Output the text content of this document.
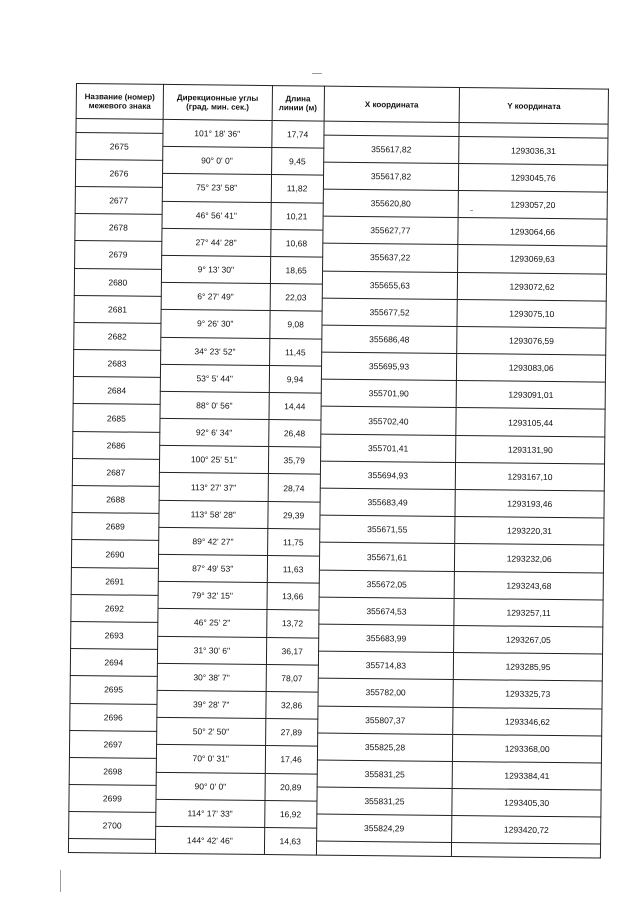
Название (номер) межевого знака	Дирекционные углы (град. мин. сек.)	Длина линии (м)	X координата	Y координата
	101° 18' 36"	17,74		
2675			355617,82	1293036,31
	90° 0' 0"	9,45		
2676			355617,82	1293045,76
	75° 23' 58"	11,82		
2677			355620,80	1293057,20
	46° 56' 41"	10,21		
2678			355627,77	1293064,66
	27° 44' 28"	10,68		
2679			355637,22	1293069,63
	9° 13' 30"	18,65		
2680			355655,63	1293072,62
	6° 27' 49"	22,03		
2681			355677,52	1293075,10
	9° 26' 30"	9,08		
2682			355686,48	1293076,59
	34° 23' 52"	11,45		
2683			355695,93	1293083,06
	53° 5' 44"	9,94		
2684			355701,90	1293091,01
	88° 0' 56"	14,44		
2685			355702,40	1293105,44
	92° 6' 34"	26,48		
2686			355701,41	1293131,90
	100° 25' 51"	35,79		
2687			355694,93	1293167,10
	113° 27' 37"	28,74		
2688			355683,49	1293193,46
	113° 58' 28"	29,39		
2689			355671,55	1293220,31
	89° 42' 27"	11,75		
2690			355671,61	1293232,06
	87° 49' 53"	11,63		
2691			355672,05	1293243,68
	79° 32' 15"	13,66		
2692			355674,53	1293257,11
	46° 25' 2"	13,72		
2693			355683,99	1293267,05
	31° 30' 6"	36,17		
2694			355714,83	1293285,95
	30° 38' 7"	78,07		
2695			355782,00	1293325,73
	39° 28' 7"	32,86		
2696			355807,37	1293346,62
	50° 2' 50"	27,89		
2697			355825,28	1293368,00
	70° 0' 31"	17,46		
2698			355831,25	1293384,41
	90° 0' 0"	20,89		
2699			355831,25	1293405,30
	114° 17' 33"	16,92		
2700			355824,29	1293420,72
	144° 42' 46"	14,63		
